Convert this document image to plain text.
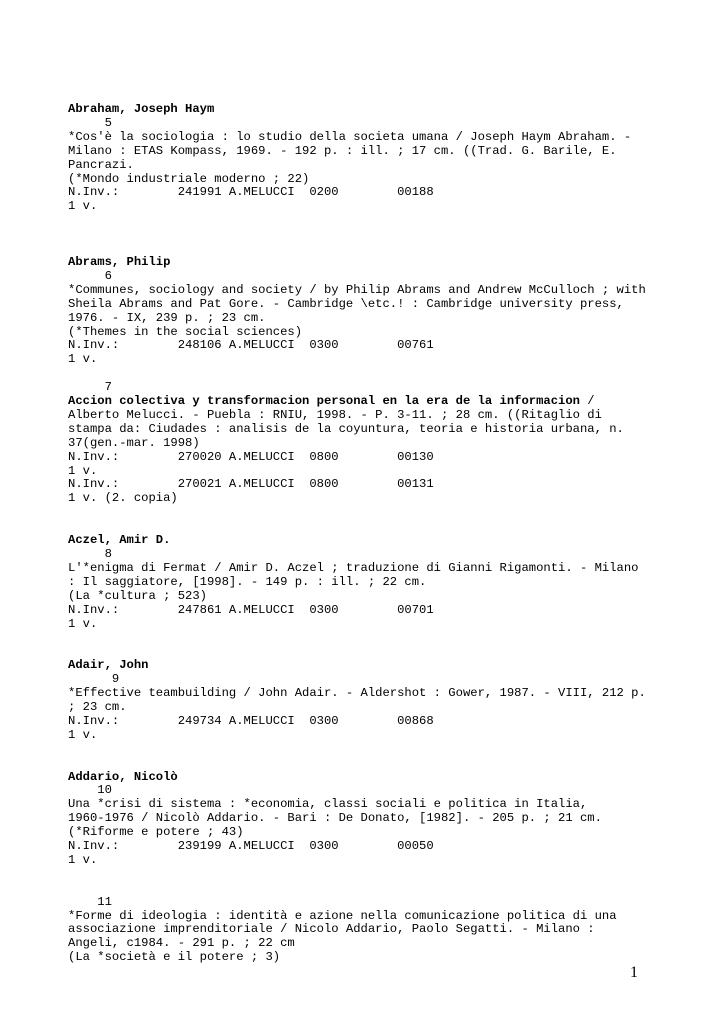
Abraham, Joseph Haym

5

*Cos'è la sociologia : lo studio della societa umana / Joseph Haym Abraham. -

Milano : ETAS Kompass, 1969. - 192 p. : ill. ; 17 cm. ((Trad. G. Barile, E.

Pancrazi.

(*Mondo industriale moderno ; 22)

N.Inv.:        241991 A.MELUCCI  0200        00188

1 v.

Abrams, Philip

6

*Communes, sociology and society / by Philip Abrams and Andrew McCulloch ; with

Sheila Abrams and Pat Gore. - Cambridge \etc.! : Cambridge university press,

1976. - IX, 239 p. ; 23 cm.

(*Themes in the social sciences)

N.Inv.:        248106 A.MELUCCI  0300        00761

1 v.

7

Accion colectiva y transformacion personal en la era de la informacion /

Alberto Melucci. - Puebla : RNIU, 1998. - P. 3-11. ; 28 cm. ((Ritaglio di

stampa da: Ciudades : analisis de la coyuntura, teoria e historia urbana, n.

37(gen.-mar. 1998)

N.Inv.:        270020 A.MELUCCI  0800        00130

1 v.

N.Inv.:        270021 A.MELUCCI  0800        00131

1 v. (2. copia)

Aczel, Amir D.

8

L'*enigma di Fermat / Amir D. Aczel ; traduzione di Gianni Rigamonti. - Milano

: Il saggiatore, [1998]. - 149 p. : ill. ; 22 cm.

(La *cultura ; 523)

N.Inv.:        247861 A.MELUCCI  0300        00701

1 v.

Adair, John

9

*Effective teambuilding / John Adair. - Aldershot : Gower, 1987. - VIII, 212 p.

; 23 cm.

N.Inv.:        249734 A.MELUCCI  0300        00868

1 v.

Addario, Nicolò

10

Una *crisi di sistema : *economia, classi sociali e politica in Italia,

1960-1976 / Nicolò Addario. - Bari : De Donato, [1982]. - 205 p. ; 21 cm.

(*Riforme e potere ; 43)

N.Inv.:        239199 A.MELUCCI  0300        00050

1 v.

11

*Forme di ideologia : identità e azione nella comunicazione politica di una

associazione imprenditoriale / Nicolo Addario, Paolo Segatti. - Milano :

Angeli, c1984. - 291 p. ; 22 cm

(La *società e il potere ; 3)

1
